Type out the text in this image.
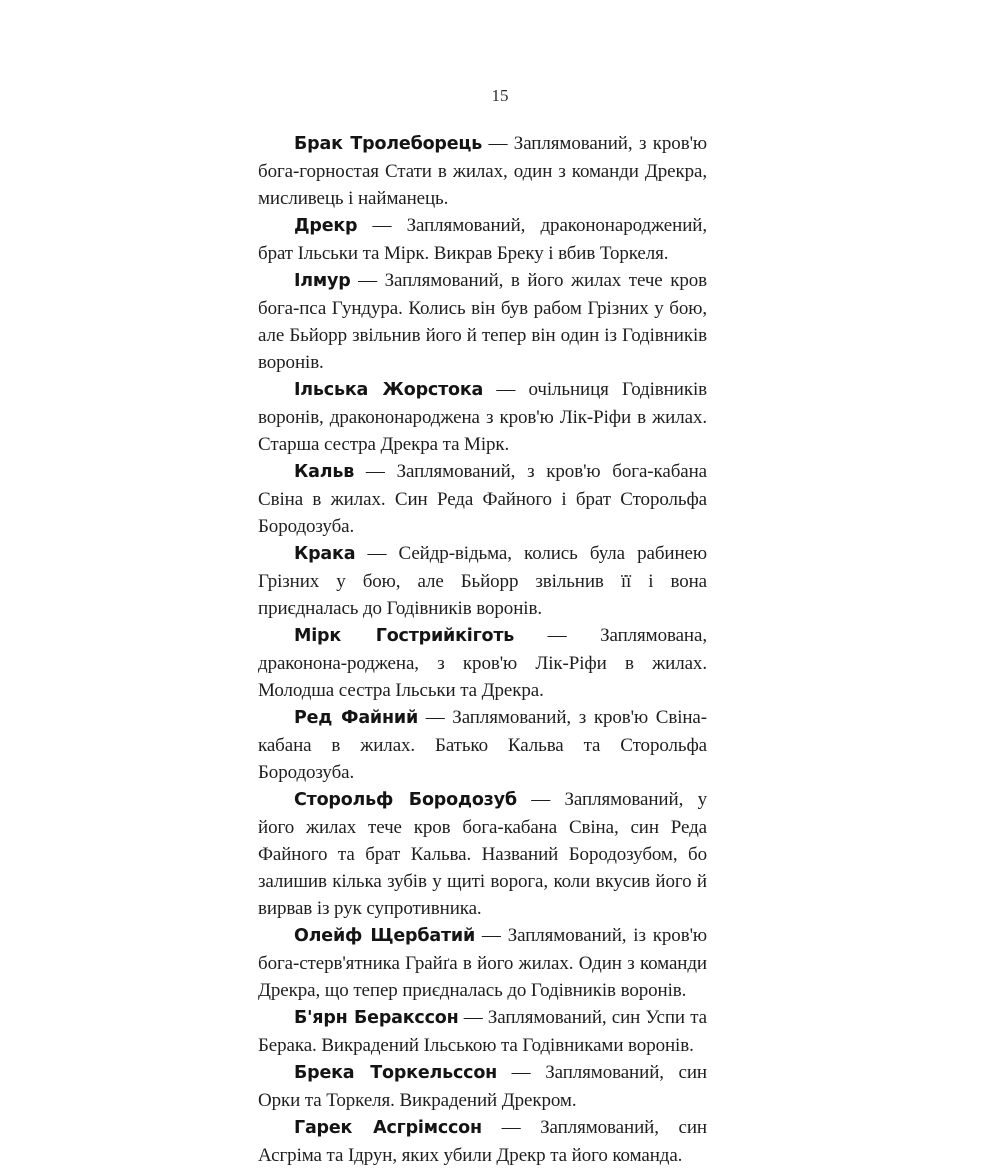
15

Брак Тролеборець — Заплямований, з кров'ю бога-горностая Стати в жилах, один з команди Дрекра, мисливець і найманець.

Дрекр — Заплямований, дракононароджений, брат Ільськи та Мірк. Викрав Бреку і вбив Торкеля.

Ілмур — Заплямований, в його жилах тече кров бога-пса Гундура. Колись він був рабом Грізних у бою, але Бьйорр звільнив його й тепер він один із Годівників воронів.

Ільська Жорстока — очільниця Годівників воронів, дракононароджена з кров'ю Лік-Ріфи в жилах. Старша сестра Дрекра та Мірк.

Кальв — Заплямований, з кров'ю бога-кабана Свіна в жилах. Син Реда Файного і брат Сторольфа Бородозуба.

Крака — Сейдр-відьма, колись була рабинею Грізних у бою, але Бьйорр звільнив її і вона приєдналась до Годівників воронів.

Мірк Гострийкіготь — Заплямована, драконона-роджена, з кров'ю Лік-Ріфи в жилах. Молодша сестра Ільськи та Дрекра.

Ред Файний — Заплямований, з кров'ю Свіна-кабана в жилах. Батько Кальва та Сторольфа Бородозуба.

Сторольф Бородозуб — Заплямований, у його жилах тече кров бога-кабана Свіна, син Реда Файного та брат Кальва. Названий Бородозубом, бо залишив кілька зубів у щиті ворога, коли вкусив його й вирвав із рук супротивника.

Олейф Щербатий — Заплямований, із кров'ю бога-стерв'ятника Грайґа в його жилах. Один з команди Дрекра, що тепер приєдналась до Годівників воронів.

Б'ярн Бераксcон — Заплямований, син Успи та Берака. Викрадений Ільською та Годівниками воронів.

Брека Торкельссон — Заплямований, син Орки та Торкеля. Викрадений Дрекром.

Гарек Асгрімссон — Заплямований, син Асгріма та Ідрун, яких убили Дрекр та його команда.
